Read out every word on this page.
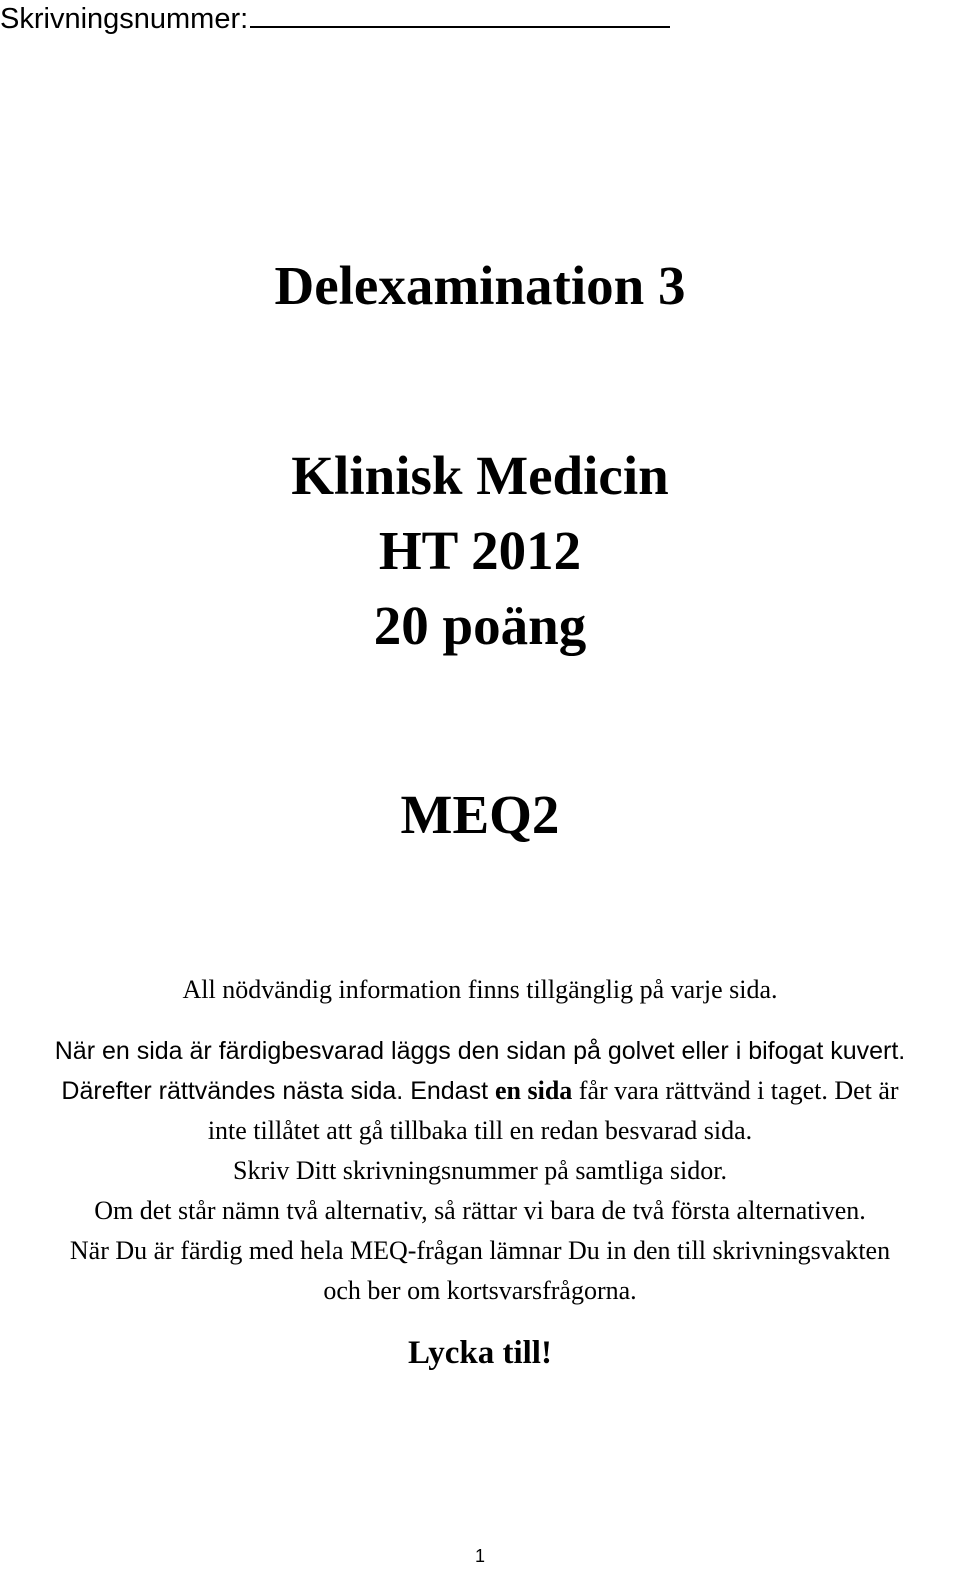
Skrivningsnummer:
Delexamination 3
Klinisk Medicin
HT 2012
20 poäng
MEQ2

All nödvändig information finns tillgänglig på varje sida.

När en sida är färdigbesvarad läggs den sidan på golvet eller i bifogat kuvert.

Därefter rättvändes nästa sida. Endast en sida får vara rättvänd i taget. Det är

inte tillåtet att gå tillbaka till en redan besvarad sida.

Skriv Ditt skrivningsnummer på samtliga sidor.

Om det står nämn två alternativ, så rättar vi bara de två första alternativen.

När Du är färdig med hela MEQ-frågan lämnar Du in den till skrivningsvakten

och ber om kortsvarsfrågorna.

Lycka till!

1
